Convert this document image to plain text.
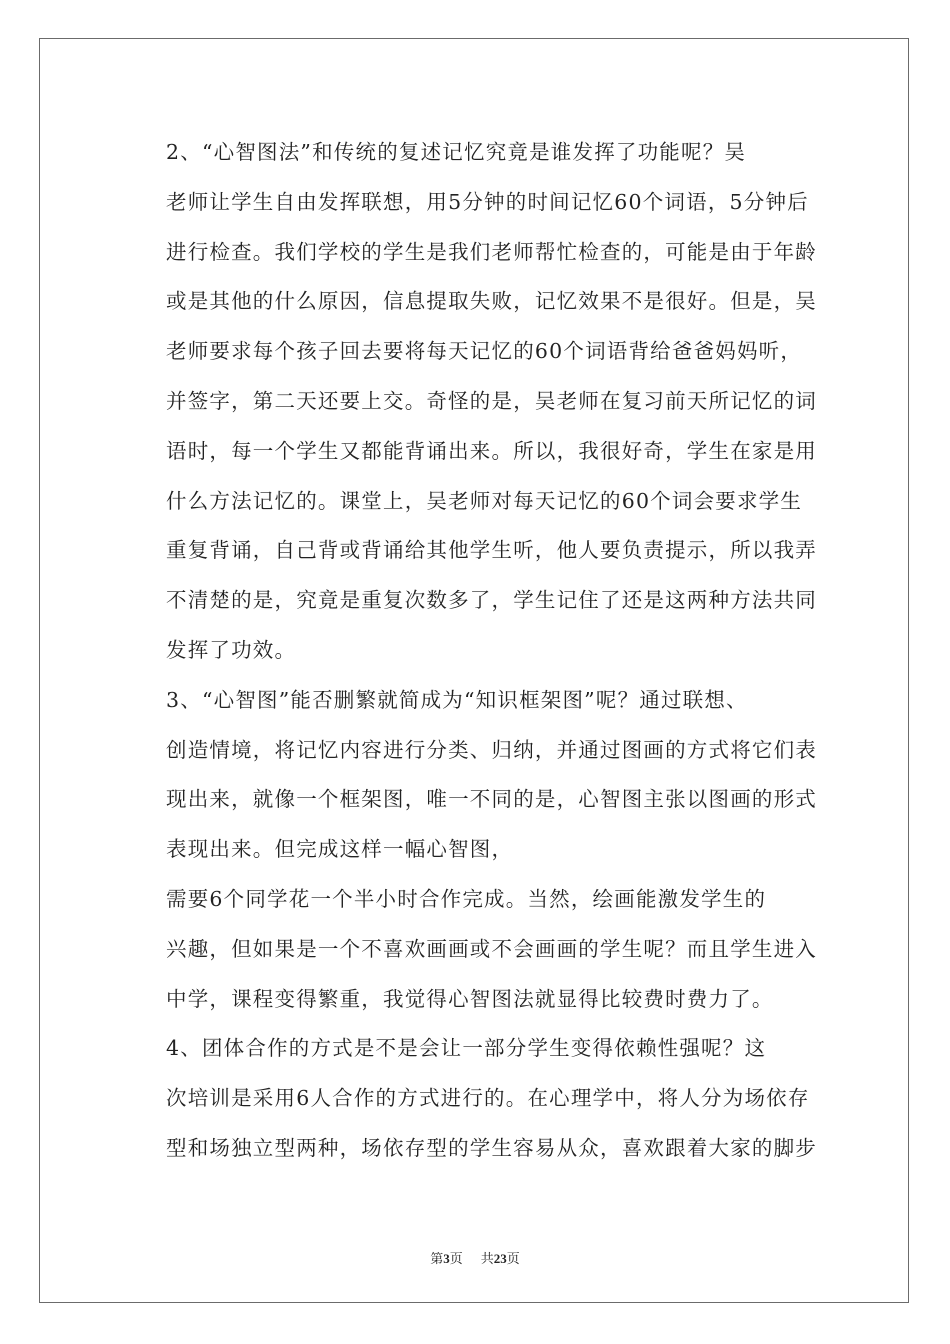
2、“心智图法”和传统的复述记忆究竟是谁发挥了功能呢？吴
老师让学生自由发挥联想，用5分钟的时间记忆60个词语，5分钟后
进行检查。我们学校的学生是我们老师帮忙检查的，可能是由于年龄
或是其他的什么原因，信息提取失败，记忆效果不是很好。但是，吴
老师要求每个孩子回去要将每天记忆的60个词语背给爸爸妈妈听，
并签字，第二天还要上交。奇怪的是，吴老师在复习前天所记忆的词
语时，每一个学生又都能背诵出来。所以，我很好奇，学生在家是用
什么方法记忆的。课堂上，吴老师对每天记忆的60个词会要求学生
重复背诵，自己背或背诵给其他学生听，他人要负责提示，所以我弄
不清楚的是，究竟是重复次数多了，学生记住了还是这两种方法共同
发挥了功效。

3、“心智图”能否删繁就简成为“知识框架图”呢？通过联想、
创造情境，将记忆内容进行分类、归纳，并通过图画的方式将它们表
现出来，就像一个框架图，唯一不同的是，心智图主张以图画的形式
表现出来。但完成这样一幅心智图，

需要6个同学花一个半小时合作完成。当然，绘画能激发学生的
兴趣，但如果是一个不喜欢画画或不会画画的学生呢？而且学生进入
中学，课程变得繁重，我觉得心智图法就显得比较费时费力了。

4、团体合作的方式是不是会让一部分学生变得依赖性强呢？这
次培训是采用6人合作的方式进行的。在心理学中，将人分为场依存
型和场独立型两种，场依存型的学生容易从众，喜欢跟着大家的脚步

第3页 共23页
